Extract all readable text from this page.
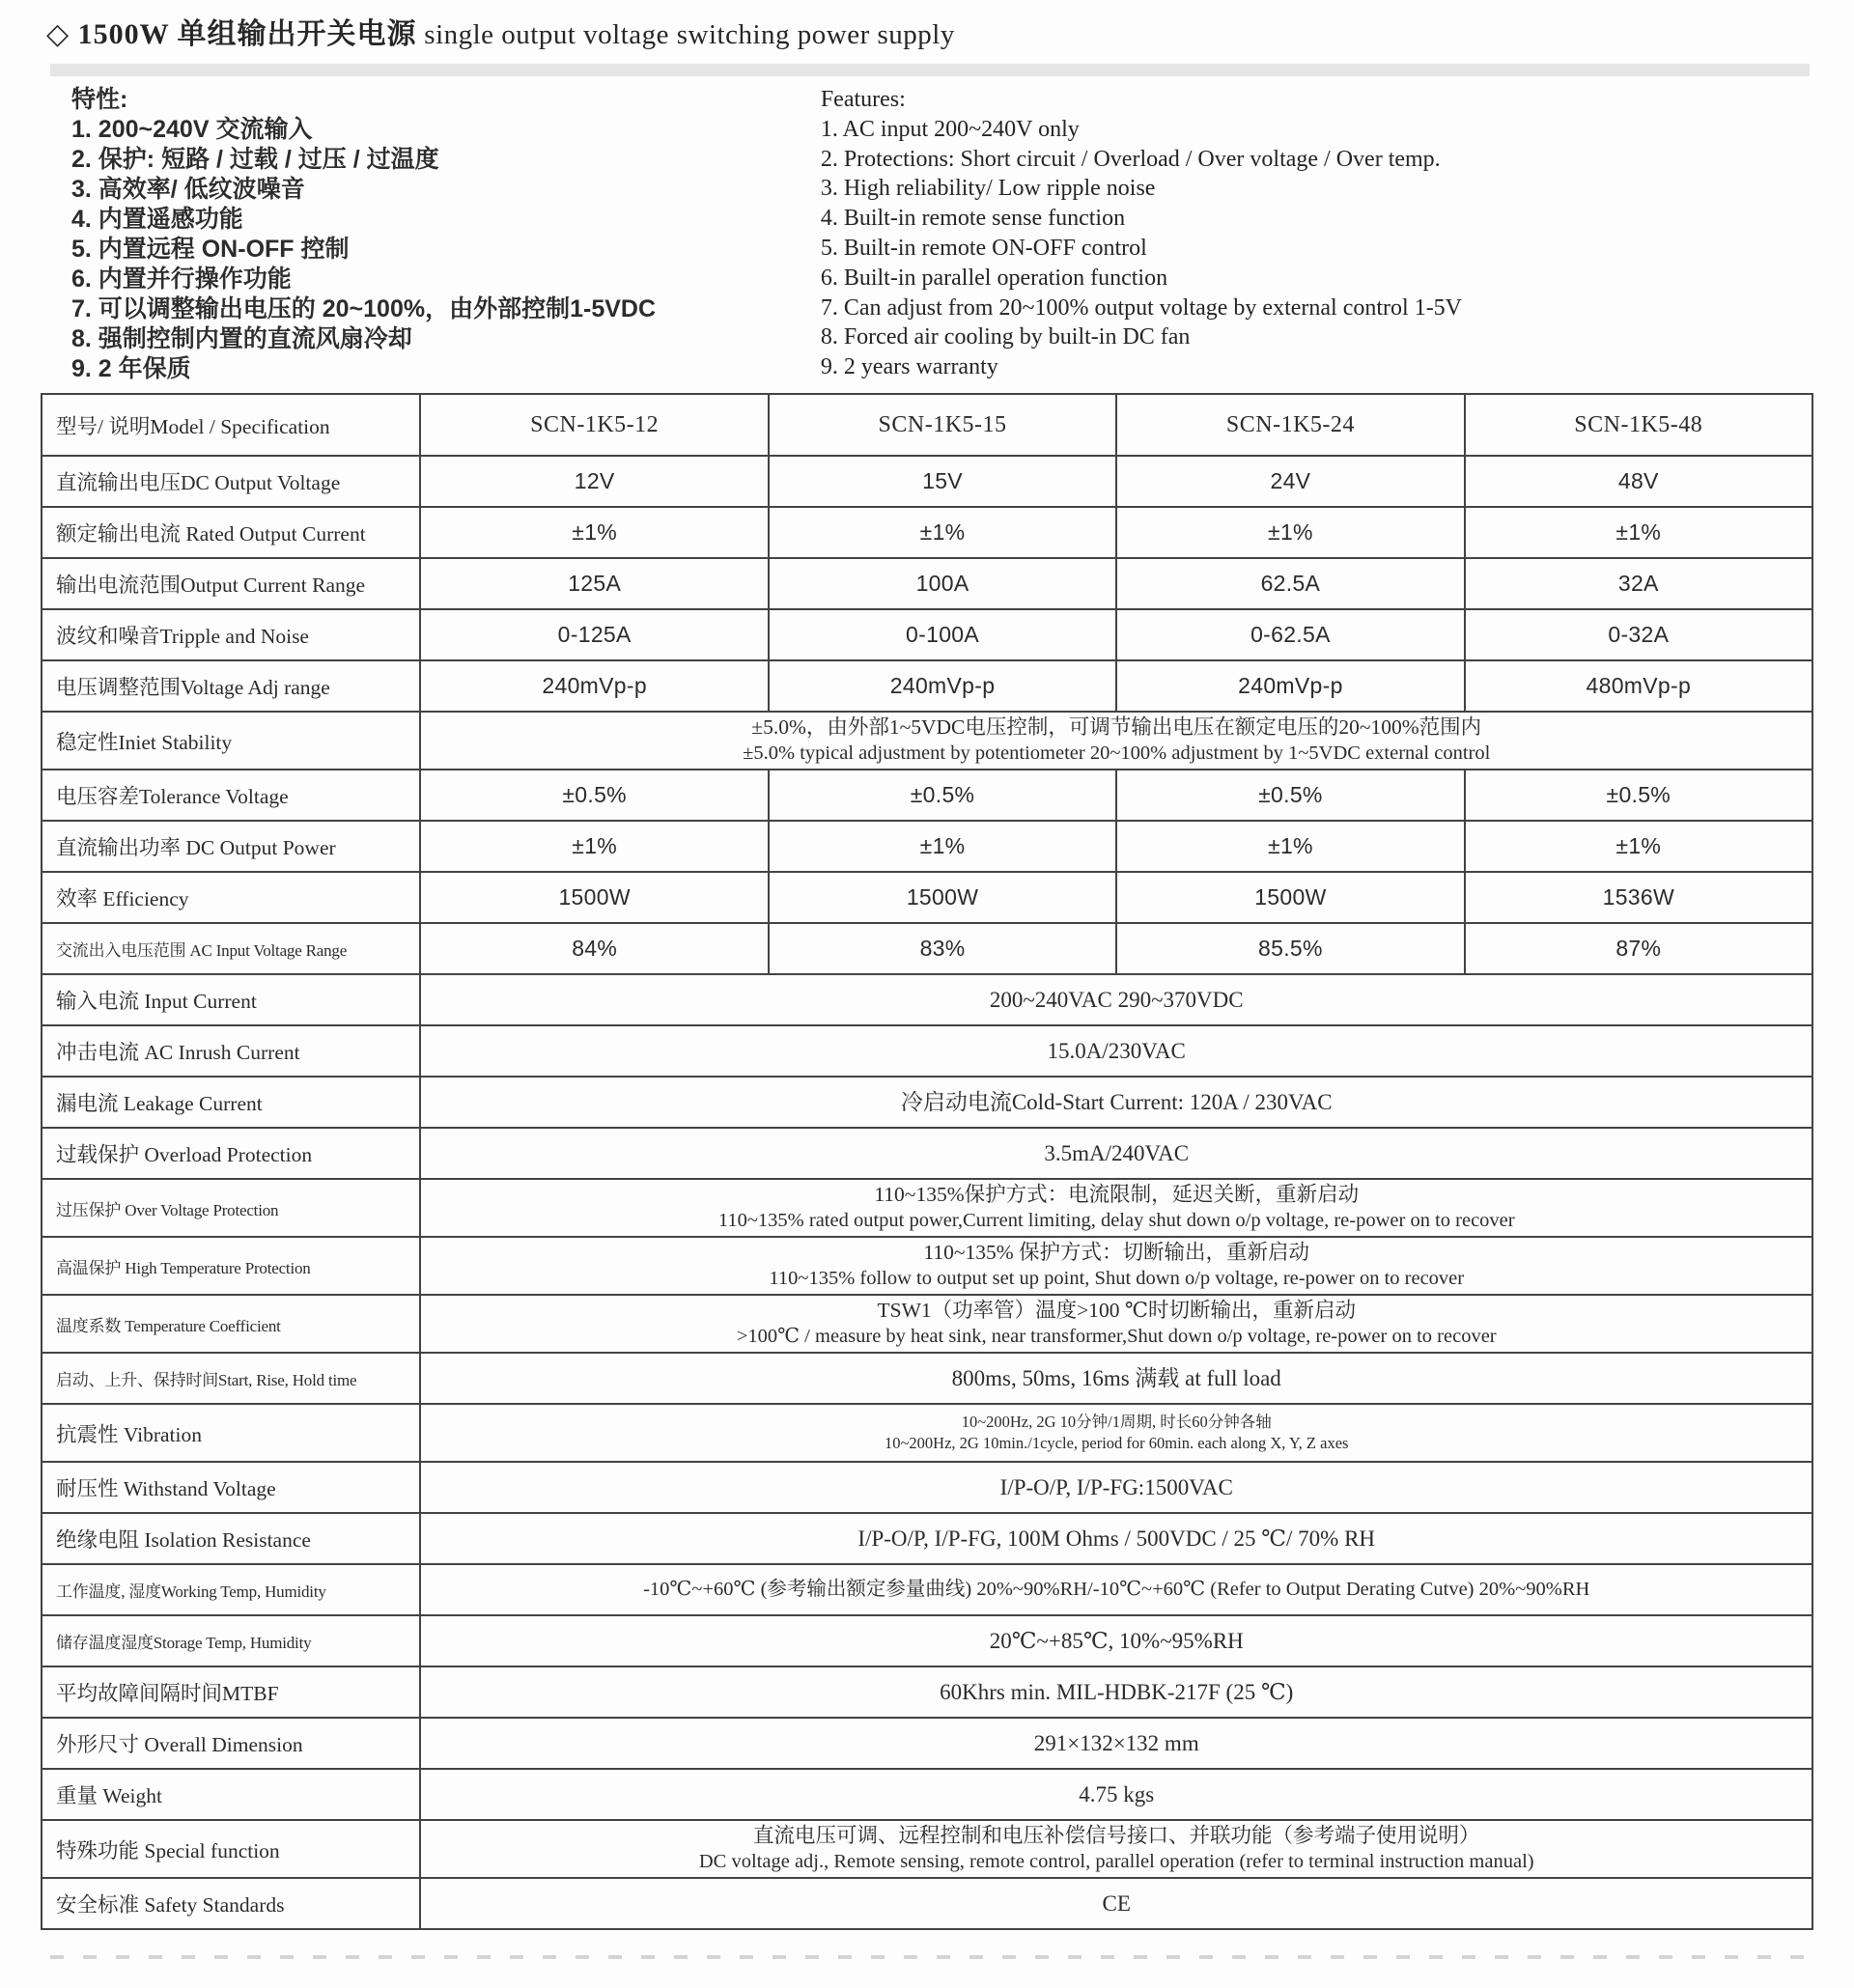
◇ 1500W 单组输出开关电源 single output voltage switching power supply
特性:
1. 200~240V 交流输入
2. 保护: 短路 / 过载 / 过压 / 过温度
3. 高效率/ 低纹波噪音
4. 内置遥感功能
5. 内置远程 ON-OFF 控制
6. 内置并行操作功能
7. 可以调整输出电压的 20~100%，由外部控制1-5VDC
8. 强制控制内置的直流风扇冷却
9. 2 年保质
Features:
1. AC input 200~240V only
2. Protections: Short circuit / Overload / Over voltage / Over temp.
3. High reliability/ Low ripple noise
4. Built-in remote sense function
5. Built-in remote ON-OFF control
6. Built-in parallel operation function
7. Can adjust from 20~100% output voltage by external control 1-5V
8. Forced air cooling by built-in DC fan
9. 2 years warranty
型号/ 说明Model / Specification	SCN-1K5-12	SCN-1K5-15	SCN-1K5-24	SCN-1K5-48
直流输出电压DC Output Voltage	12V	15V	24V	48V
额定输出电流 Rated Output Current	±1%	±1%	±1%	±1%
输出电流范围Output Current Range	125A	100A	62.5A	32A
波纹和噪音Tripple and Noise	0-125A	0-100A	0-62.5A	0-32A
电压调整范围Voltage Adj range	240mVp-p	240mVp-p	240mVp-p	480mVp-p
稳定性Iniet Stability	±5.0%，由外部1~5VDC电压控制，可调节输出电压在额定电压的20~100%范围内
±5.0% typical adjustment by potentiometer 20~100% adjustment by 1~5VDC external control			

电压容差Tolerance Voltage	±0.5%	±0.5%	±0.5%	±0.5%
直流输出功率 DC Output Power	±1%	±1%	±1%	±1%
效率 Efficiency	1500W	1500W	1500W	1536W
交流出入电压范围 AC Input Voltage Range	84%	83%	85.5%	87%
输入电流 Input Current	200~240VAC 290~370VDC			

冲击电流 AC Inrush Current	15.0A/230VAC			

漏电流 Leakage Current	冷启动电流Cold-Start Current: 120A / 230VAC			

过载保护 Overload Protection	3.5mA/240VAC			

过压保护 Over Voltage Protection	110~135%保护方式：电流限制，延迟关断，重新启动
110~135% rated output power,Current limiting, delay shut down o/p voltage, re-power on to recover			

高温保护 High Temperature Protection	110~135% 保护方式：切断输出，重新启动
110~135% follow to output set up point, Shut down o/p voltage, re-power on to recover			

温度系数 Temperature Coefficient	TSW1（功率管）温度>100 ℃时切断输出，重新启动
>100℃ / measure by heat sink, near transformer,Shut down o/p voltage, re-power on to recover			

启动、上升、保持时间Start, Rise, Hold time	800ms, 50ms, 16ms 满载 at full load			

抗震性 Vibration	10~200Hz, 2G 10分钟/1周期, 时长60分钟各轴
10~200Hz, 2G 10min./1cycle, period for 60min. each along X, Y, Z axes			

耐压性 Withstand Voltage	I/P-O/P, I/P-FG:1500VAC			

绝缘电阻 Isolation Resistance	I/P-O/P, I/P-FG, 100M Ohms / 500VDC / 25 ℃/ 70% RH			

工作温度, 湿度Working Temp, Humidity	-10℃~+60℃ (参考输出额定参量曲线) 20%~90%RH/-10℃~+60℃ (Refer to Output Derating Cutve) 20%~90%RH			

储存温度湿度Storage Temp, Humidity	20℃~+85℃, 10%~95%RH			

平均故障间隔时间MTBF	60Khrs min. MIL-HDBK-217F (25 ℃)			

外形尺寸 Overall Dimension	291×132×132 mm			

重量 Weight	4.75 kgs			

特殊功能 Special function	直流电压可调、远程控制和电压补偿信号接口、并联功能（参考端子使用说明）
DC voltage adj., Remote sensing, remote control, parallel operation (refer to terminal instruction manual)			

安全标准 Safety Standards	CE			
